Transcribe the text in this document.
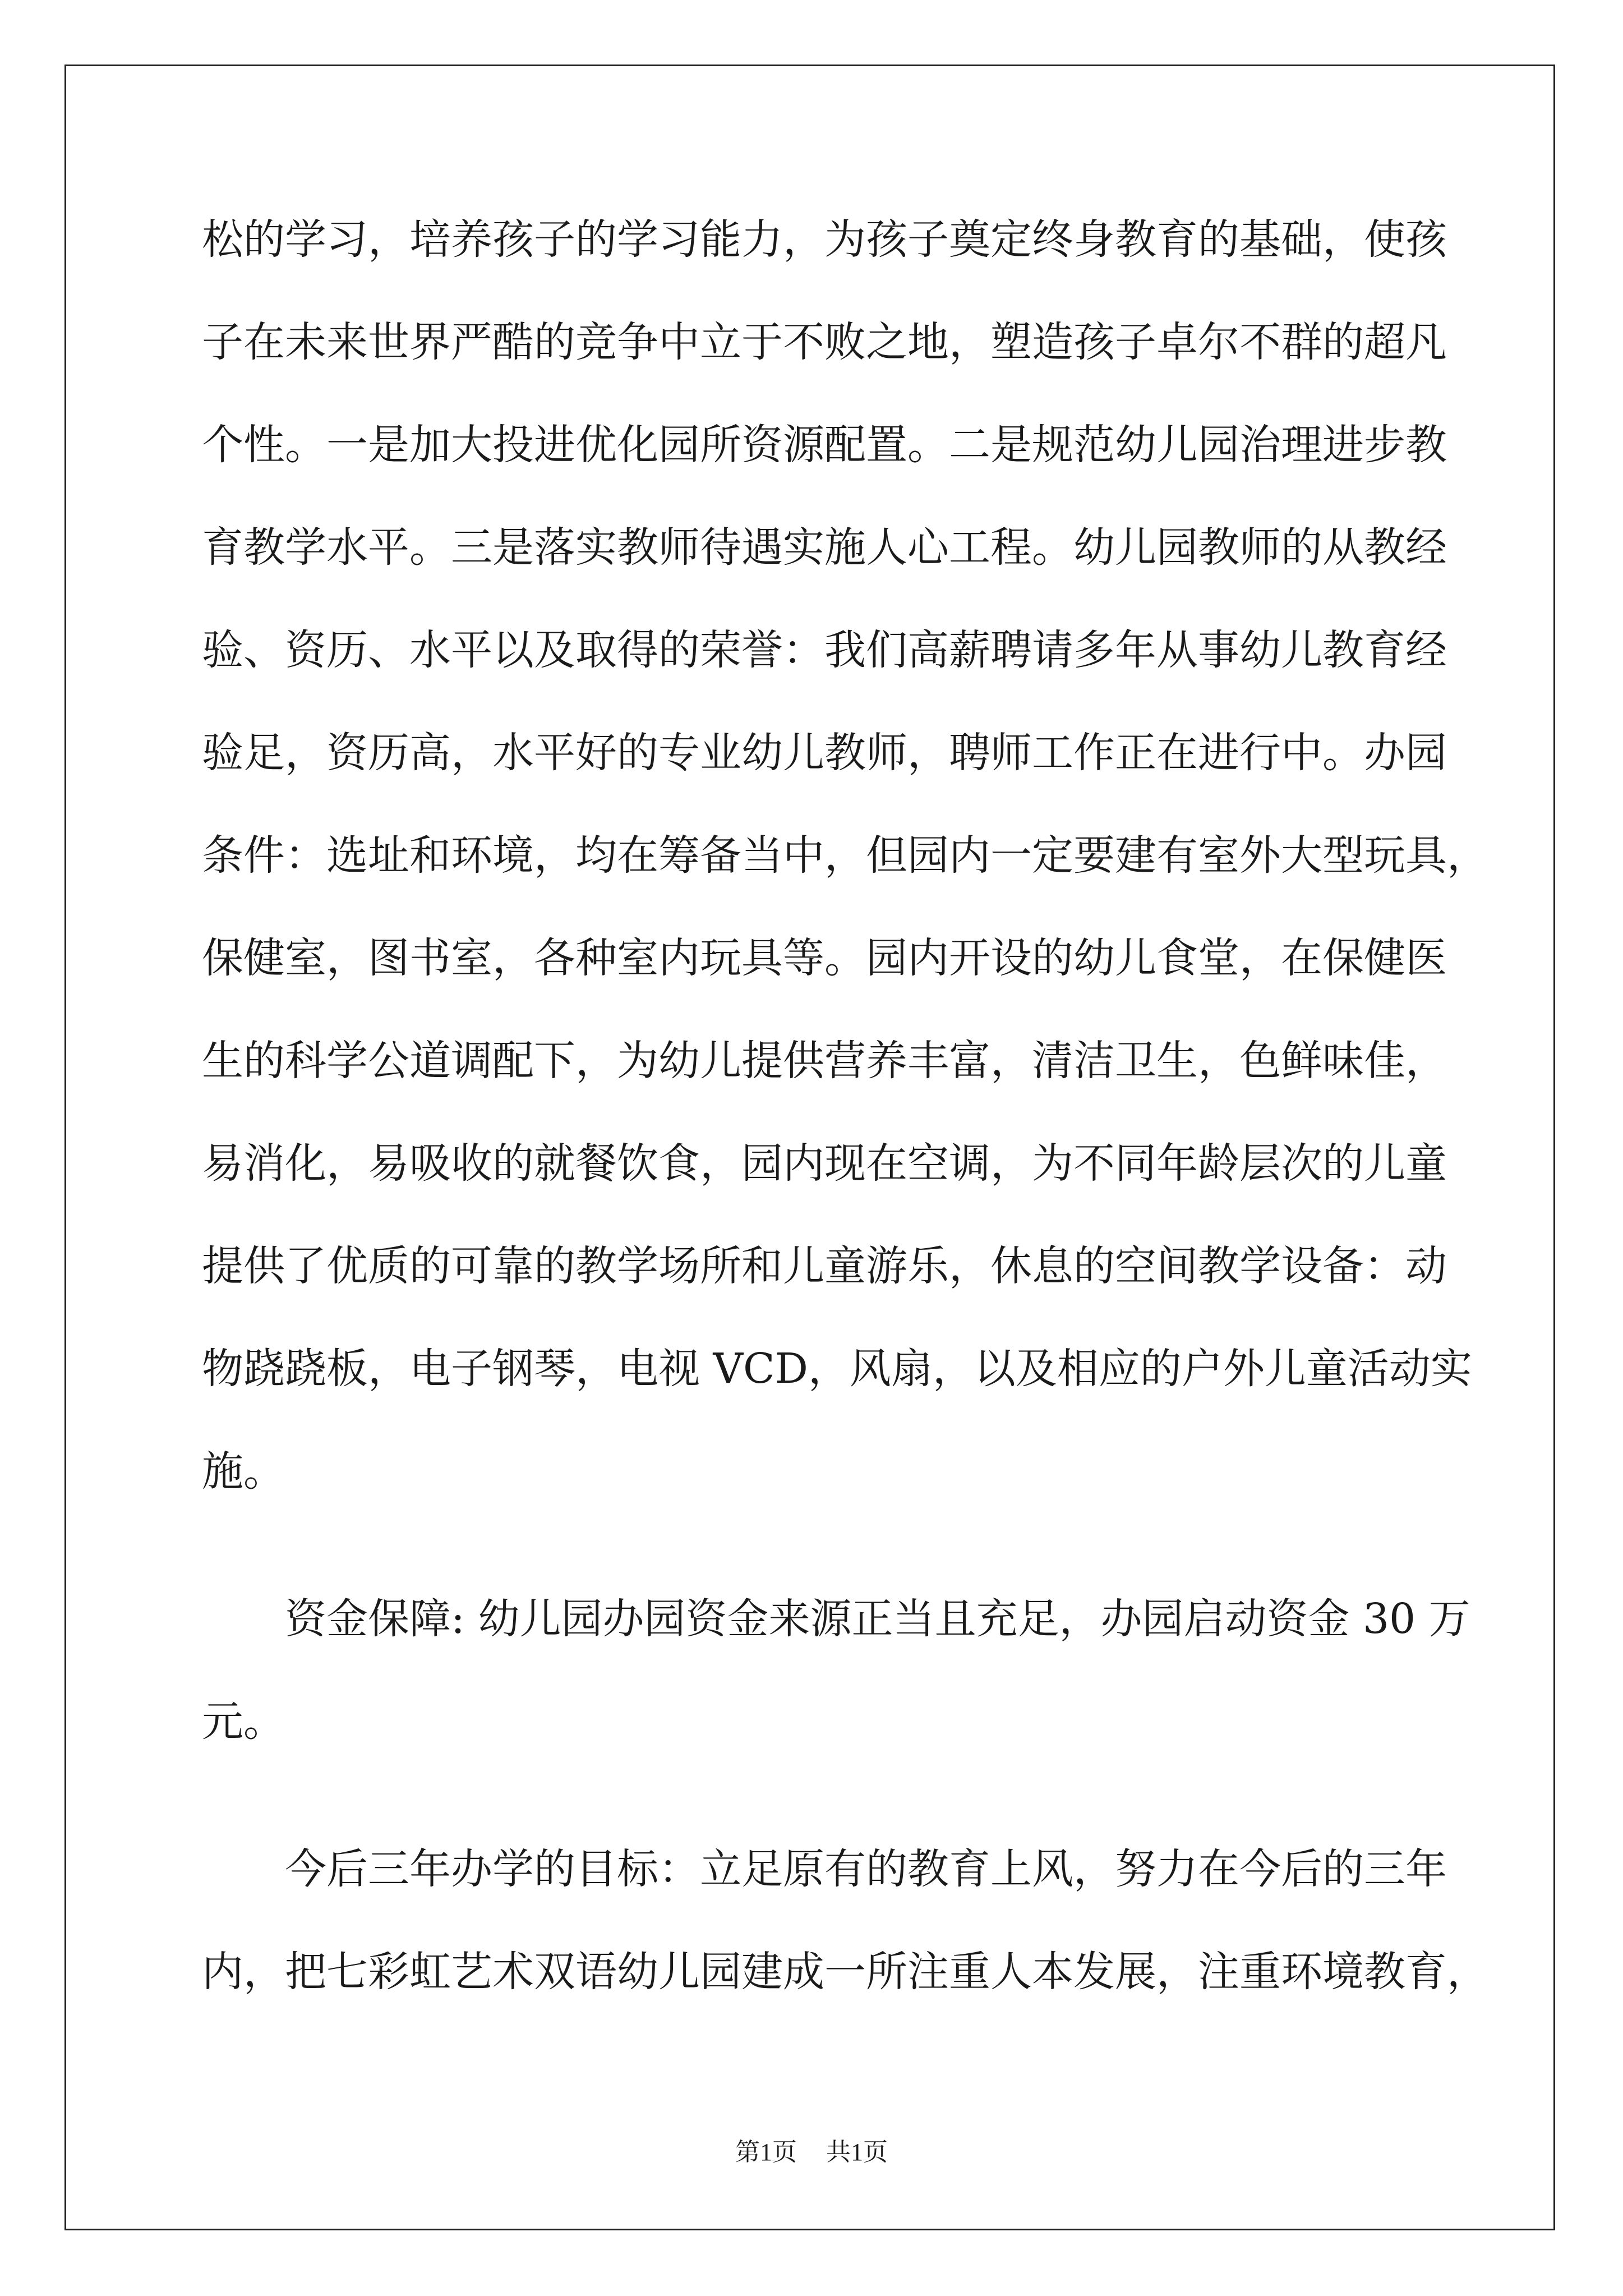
松的学习，培养孩子的学习能力，为孩子奠定终身教育的基础，使孩
子在未来世界严酷的竞争中立于不败之地，塑造孩子卓尔不群的超凡
个性。一是加大投进优化园所资源配置。二是规范幼儿园治理进步教
育教学水平。三是落实教师待遇实施人心工程。幼儿园教师的从教经
验、资历、水平以及取得的荣誉：我们高薪聘请多年从事幼儿教育经
验足，资历高，水平好的专业幼儿教师，聘师工作正在进行中。办园
条件：选址和环境，均在筹备当中，但园内一定要建有室外大型玩具，
保健室，图书室，各种室内玩具等。园内开设的幼儿食堂，在保健医
生的科学公道调配下，为幼儿提供营养丰富，清洁卫生，色鲜味佳，
易消化，易吸收的就餐饮食，园内现在空调，为不同年龄层次的儿童
提供了优质的可靠的教学场所和儿童游乐，休息的空间教学设备：动
物跷跷板，电子钢琴，电视 VCD，风扇，以及相应的户外儿童活动实
施。
资金保障: 幼儿园办园资金来源正当且充足，办园启动资金 30 万
元。
今后三年办学的目标：立足原有的教育上风，努力在今后的三年
内，把七彩虹艺术双语幼儿园建成一所注重人本发展，注重环境教育，
第1页 共1页
